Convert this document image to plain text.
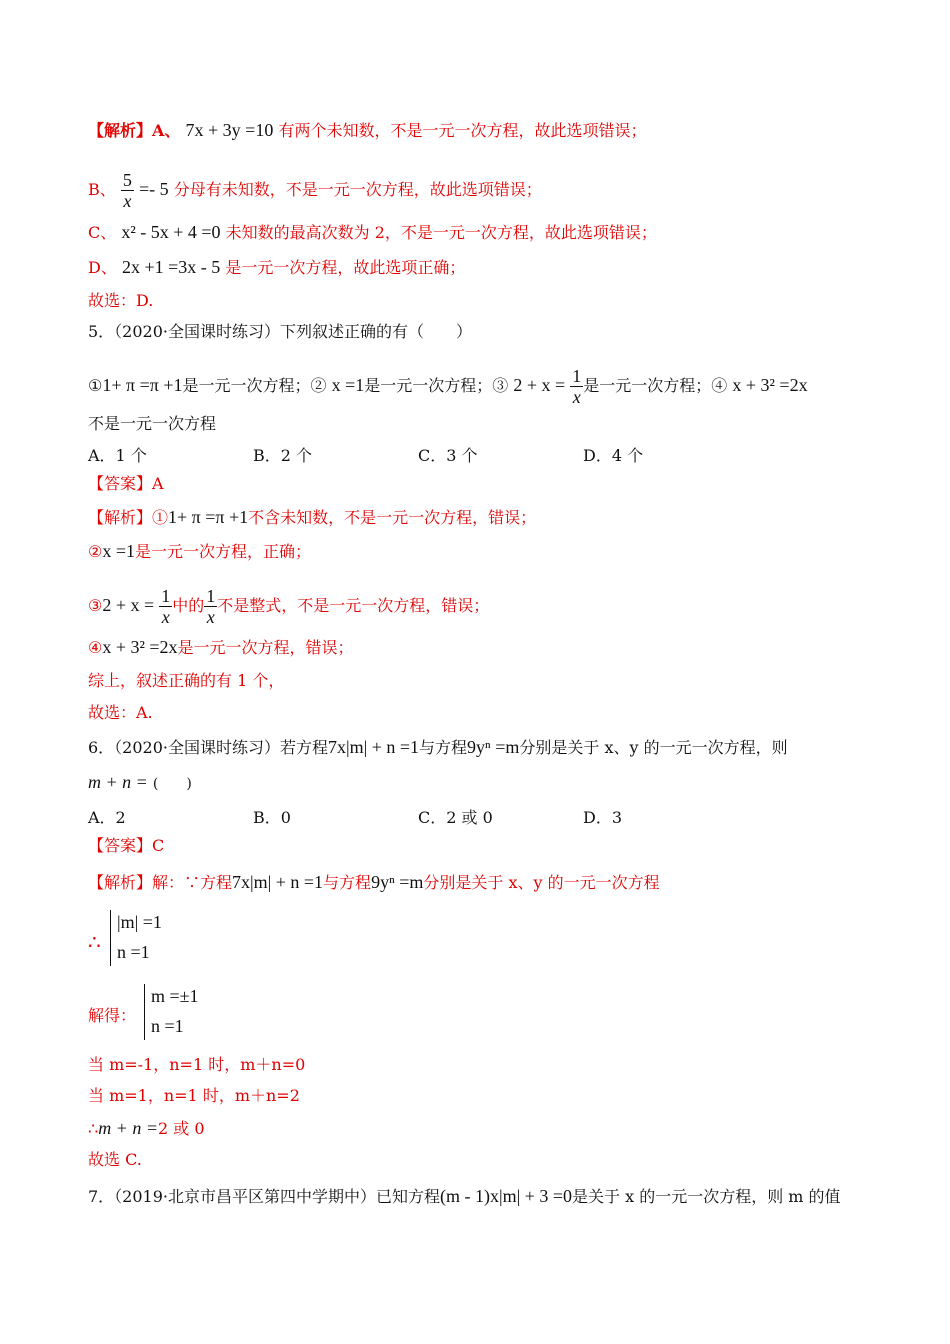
【解析】A、 7x + 3y =10 有两个未知数，不是一元一次方程，故此选项错误；
B、 $\frac{5}{x} =- 5$ 分母有未知数，不是一元一次方程，故此选项错误；
C、 x² - 5x + 4 =0 未知数的最高次数为 2，不是一元一次方程，故此选项错误；
D、 2x +1 =3x - 5 是一元一次方程，故此选项正确；
故选：D.
5．（2020·全国课时练习）下列叙述正确的有（　　）
①1+ π =π +1是一元一次方程；② x =1是一元一次方程；③ $2 + x = \frac{1}{x}$ 是一元一次方程；④ x + 3² =2x
不是一元一次方程
A．1 个	B．2 个	C．3 个	D．4 个
【答案】A
【解析】①1+ π =π +1不含未知数，不是一元一次方程，错误；
②x =1是一元一次方程，正确；
③2 + $x = \frac{1}{x}$ 中的 $\frac{1}{x}$ 不是整式，不是一元一次方程，错误；
④x + 3² =2x是一元一次方程，错误；
综上，叙述正确的有 1 个，
故选：A.
6．（2020·全国课时练习）若方程7x|m| + n =1与方程9yⁿ =m分别是关于 x、y 的一元一次方程，则
m + n = (　　)
A．2	B．0	C．2 或 0	D．3
【答案】C
【解析】解：∵方程7x|m| + n =1与方程9yⁿ =m分别是关于 x、y 的一元一次方程
∴
|m| =1
n =1
解得：
m =±1
n =1
当 m=-1，n=1 时，m＋n=0
当 m=1，n=1 时，m＋n=2
∴m + n =2 或 0
故选 C.
7．（2019·北京市昌平区第四中学期中）已知方程(m - 1)x|m| + 3 =0是关于 x 的一元一次方程，则 m 的值
